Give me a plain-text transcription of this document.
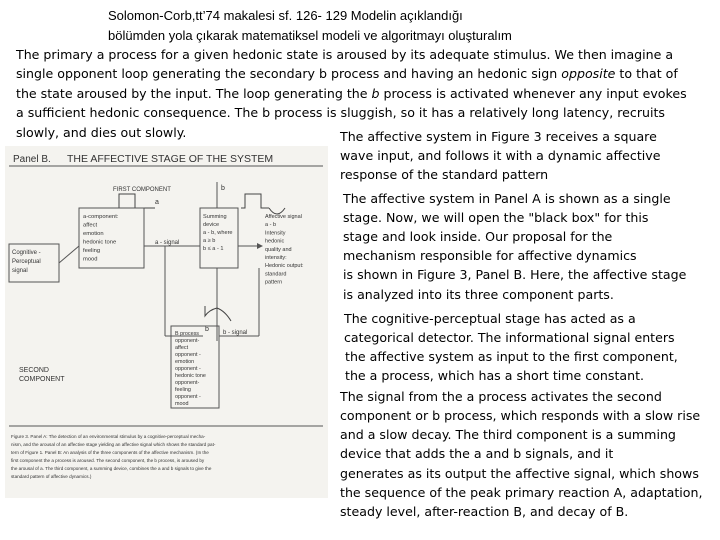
Solomon-Corb,tt’74 makalesi sf. 126- 129 Modelin açıklandığı
bölümden yola çıkarak matematiksel modeli ve algoritmayı oluşturalım
The primary a process for a given hedonic state is aroused by its adequate stimulus. We then imagine a
single opponent loop generating the secondary b process and having an hedonic sign opposite to that of
the state aroused by the input. The loop generating the b process is activated whenever any input evokes
a sufficient hedonic consequence. The b process is sluggish, so it has a relatively long latency, recruits
slowly, and dies out slowly.	The affective system in Figure 3 receives a square
wave input, and follows it with a dynamic affective
response of the standard pattern
The affective system in Panel A is shown as a single
stage. Now, we will open the "black box" for this
stage and look inside. Our proposal for the
mechanism responsible for affective dynamics
is shown in Figure 3, Panel B. Here, the affective stage
is analyzed into its three component parts.
The cognitive-perceptual stage has acted as a
categorical detector. The informational signal enters
the affective system as input to the first component,
the a process, which has a short time constant.
The signal from the a process activates the second
component or b process, which responds with a slow rise
and a slow decay. The third component is a summing
device that adds the a and b signals, and it
generates as its output the affective signal, which shows
the sequence of the peak primary reaction A, adaptation,
steady level, after-reaction B, and decay of B.
Panel B. THE AFFECTIVE STAGE OF THE SYSTEM
FIRST COMPONENT
a
a-component:
affect
emotion
hedonic tone
feeling
mood
Cognitive -
Perceptual
signal
a - signal
Summing
device
a - b, where
a ≥ b
b ≤ a - 1
b
Affective signal
a - b
Intensity
hedonic
quality and
intensity:
Hedonic output:
standard
pattern
b
B process
opponent-
affect
opponent -
emotion
opponent -
hedonic tone
opponent-
feeling
opponent -
mood
b - signal
SECOND
COMPONENT
Figure 3. Panel A: The detection of an environmental stimulus by a cognitive-perceptual mecha-
nism, and the arousal of an affective stage yielding an affective signal which shows the standard pat-
tern of Figure 1. Panel B: An analysis of the three components of the affective mechanism. (In the
first component the a process is aroused. The second component, the b process, is aroused by
the arousal of a. The third component, a summing device, combines the a and b signals to give the
standard pattern of affective dynamics.)
